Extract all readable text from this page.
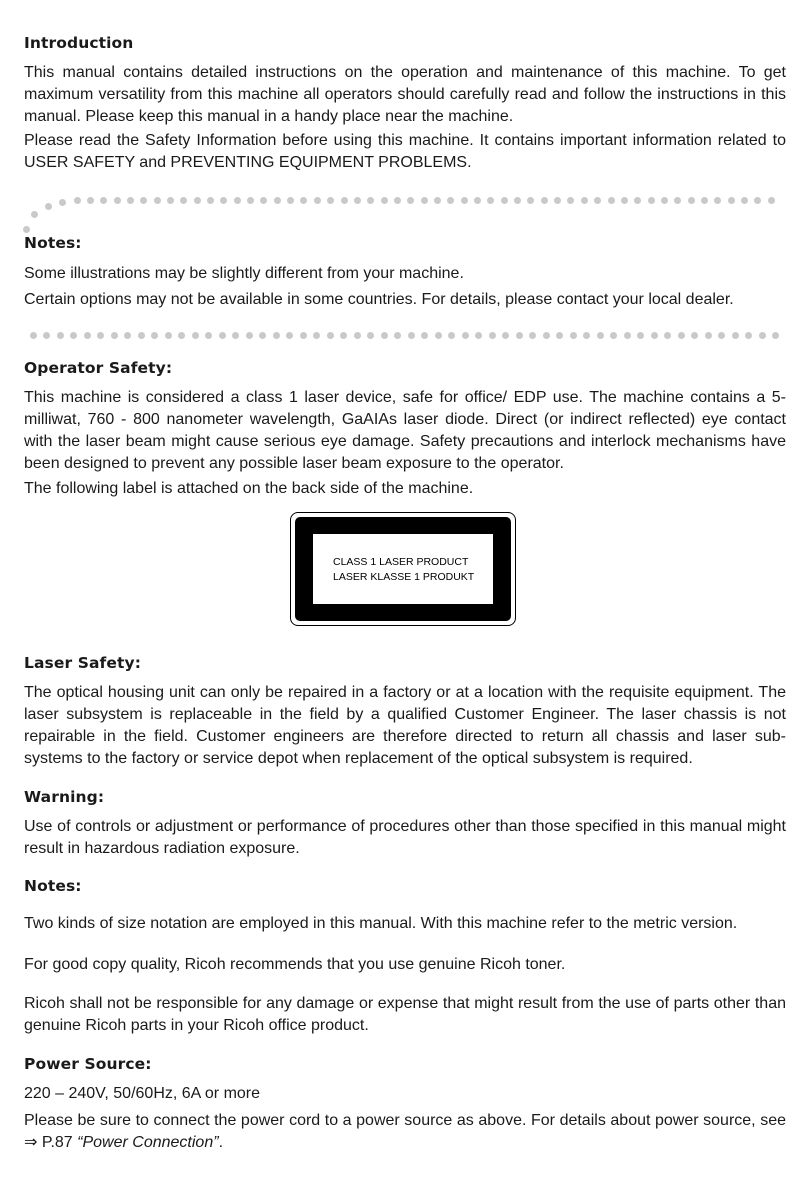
Introduction

This manual contains detailed instructions on the operation and maintenance of this machine. To get maximum versatility from this machine all operators should carefully read and follow the instructions in this manual. Please keep this manual in a handy place near the machine.

Please read the Safety Information before using this machine. It contains important information related to USER SAFETY and PREVENTING EQUIPMENT PROBLEMS.

Notes:

Some illustrations may be slightly different from your machine.

Certain options may not be available in some countries. For details, please contact your local dealer.

Operator Safety:

This machine is considered a class 1 laser device, safe for office/ EDP use. The machine contains a 5-milliwat, 760 - 800 nanometer wavelength, GaAIAs laser diode. Direct (or indirect reflected) eye contact with the laser beam might cause serious eye damage. Safety precautions and interlock mechanisms have been designed to prevent any possible laser beam exposure to the operator.

The following label is attached on the back side of the machine.

CLASS 1 LASER PRODUCT
LASER KLASSE 1 PRODUKT
Laser Safety:

The optical housing unit can only be repaired in a factory or at a location with the requisite equipment. The laser subsystem is replaceable in the field by a qualified Customer Engineer. The laser chassis is not repairable in the field. Customer engineers are therefore directed to return all chassis and laser sub-systems to the factory or service depot when replacement of the optical subsystem is required.

Warning:

Use of controls or adjustment or performance of procedures other than those specified in this manual might result in hazardous radiation exposure.

Notes:

Two kinds of size notation are employed in this manual. With this machine refer to the metric version.

For good copy quality, Ricoh recommends that you use genuine Ricoh toner.

Ricoh shall not be responsible for any damage or expense that might result from the use of parts other than genuine Ricoh parts in your Ricoh office product.

Power Source:

220 – 240V, 50/60Hz, 6A or more

Please be sure to connect the power cord to a power source as above. For details about power source, see ⇒ P.87 “Power Connection”.
